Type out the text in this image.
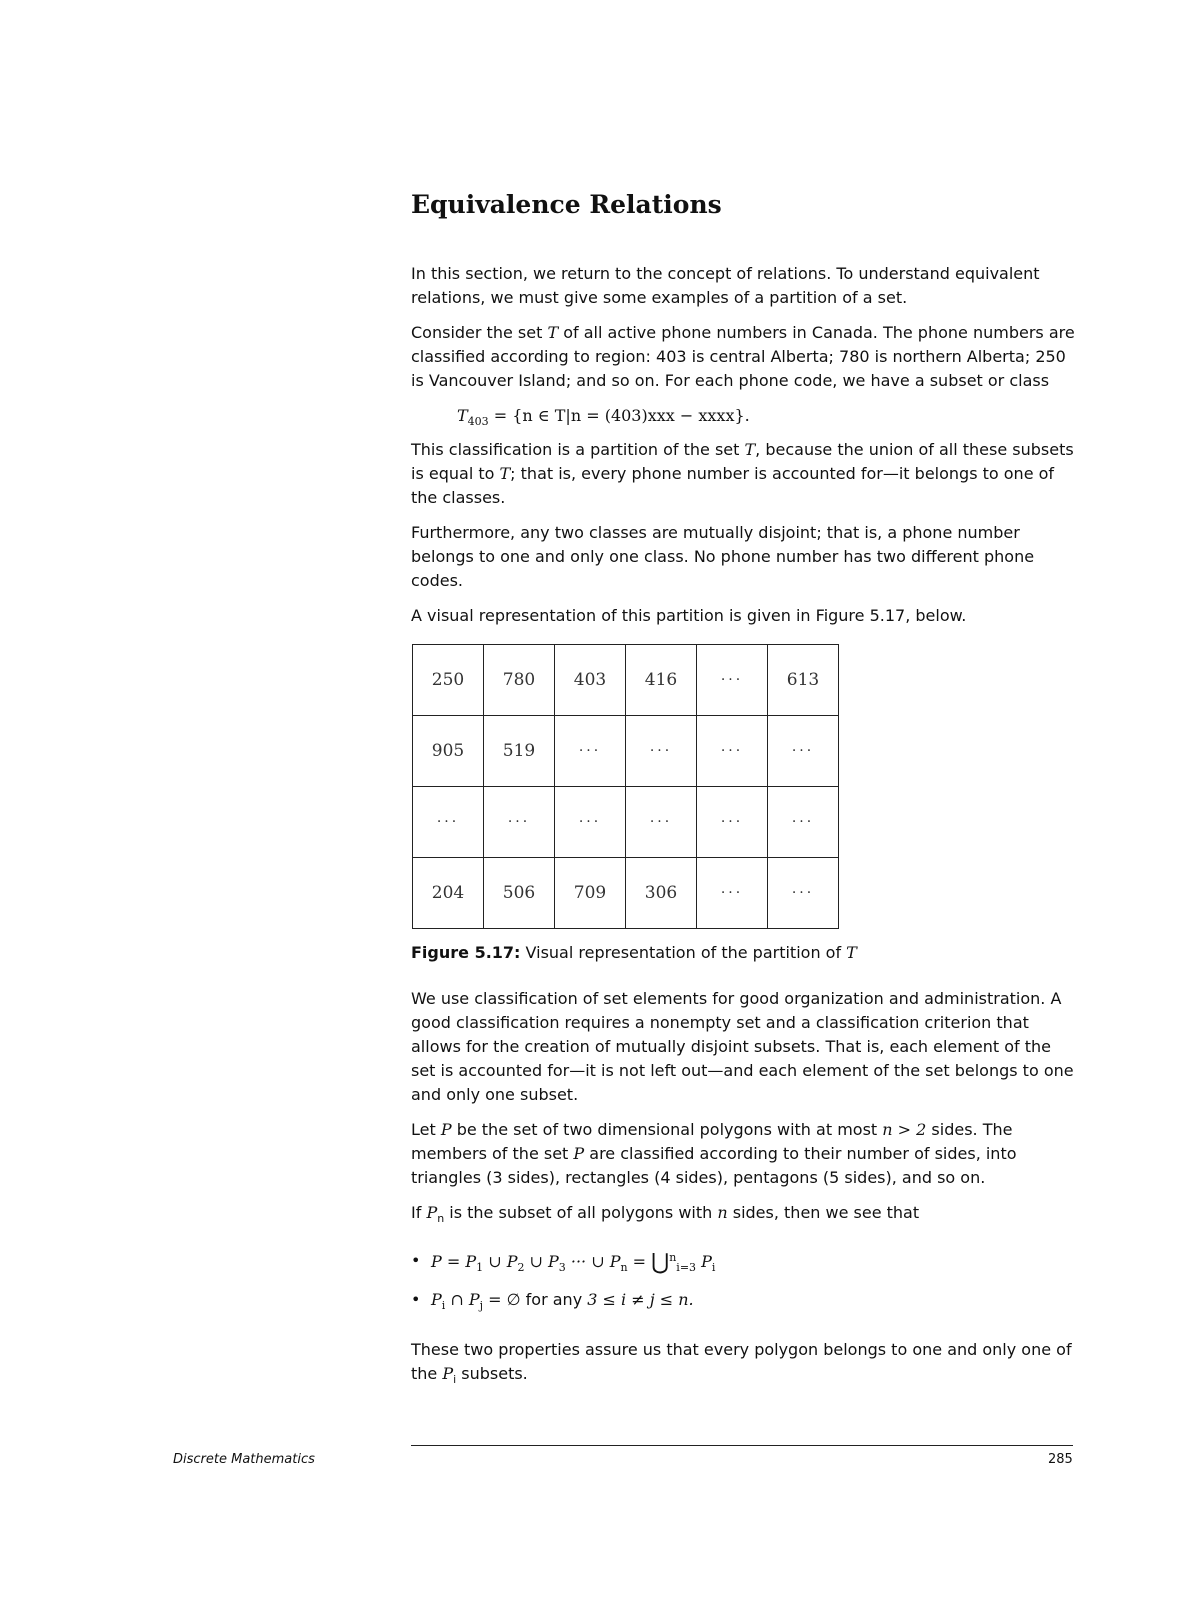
Equivalence Relations

In this section, we return to the concept of relations. To understand equivalent relations, we must give some examples of a partition of a set.

Consider the set T of all active phone numbers in Canada. The phone numbers are classified according to region: 403 is central Alberta; 780 is northern Alberta; 250 is Vancouver Island; and so on. For each phone code, we have a subset or class

$T_{403} = \{n$ ∈ T|n = (403)xxx − xxxx}.

This classification is a partition of the set T, because the union of all these subsets is equal to T; that is, every phone number is accounted for—it belongs to one of the classes.

Furthermore, any two classes are mutually disjoint; that is, a phone number belongs to one and only one class. No phone number has two different phone codes.

A visual representation of this partition is given in Figure 5.17, below.

250	780	403	416	···	613
905	519	···	···	···	···
···	···	···	···	···	···
204	506	709	306	···	···

Figure 5.17: Visual representation of the partition of T

We use classification of set elements for good organization and administration. A good classification requires a nonempty set and a classification criterion that allows for the creation of mutually disjoint subsets. That is, each element of the set is accounted for—it is not left out—and each element of the set belongs to one and only one subset.

Let P be the set of two dimensional polygons with at most n > 2 sides. The members of the set P are classified according to their number of sides, into triangles (3 sides), rectangles (4 sides), pentagons (5 sides), and so on.

If $P_n$ is the subset of all polygons with n sides, then we see that

• $P = P_1$ ∪ $P_2$ ∪ $P_3$ ··· ∪ $P_n$ = ⋃$^n_{i=3}$ $P_i$
• $P_i$ ∩ $P_j$ = ∅ for any 3 ≤ i ≠ j ≤ n.

These two properties assure us that every polygon belongs to one and only one of the $P_i$ subsets.

Discrete Mathematics	285
